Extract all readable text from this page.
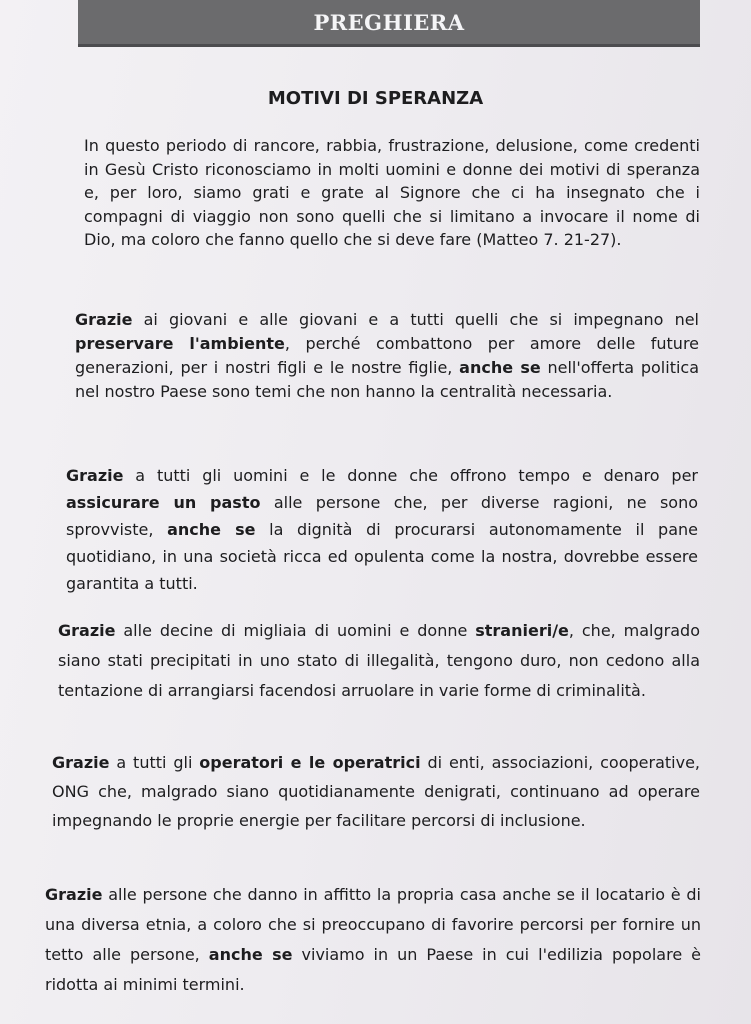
PREGHIERA
MOTIVI DI SPERANZA

In questo periodo di rancore, rabbia, frustrazione, delusione, come credenti in Gesù Cristo riconosciamo in molti uomini e donne dei motivi di speranza e, per loro, siamo grati e grate al Signore che ci ha insegnato che i compagni di viaggio non sono quelli che si limitano a invocare il nome di Dio, ma coloro che fanno quello che si deve fare (Matteo 7. 21-27).

Grazie ai giovani e alle giovani e a tutti quelli che si impegnano nel preservare l'ambiente, perché combattono per amore delle future generazioni, per i nostri figli e le nostre figlie, anche se nell'offerta politica nel nostro Paese sono temi che non hanno la centralità necessaria.

Grazie a tutti gli uomini e le donne che offrono tempo e denaro per assicurare un pasto alle persone che, per diverse ragioni, ne sono sprovviste, anche se la dignità di procurarsi autonomamente il pane quotidiano, in una società ricca ed opulenta come la nostra, dovrebbe essere garantita a tutti.

Grazie alle decine di migliaia di uomini e donne stranieri/e, che, malgrado siano stati precipitati in uno stato di illegalità, tengono duro, non cedono alla tentazione di arrangiarsi facendosi arruolare in varie forme di criminalità.

Grazie a tutti gli operatori e le operatrici di enti, associazioni, cooperative, ONG che, malgrado siano quotidianamente denigrati, continuano ad operare impegnando le proprie energie per facilitare percorsi di inclusione.

Grazie alle persone che danno in affitto la propria casa anche se il locatario è di una diversa etnia, a coloro che si preoccupano di favorire percorsi per fornire un tetto alle persone, anche se viviamo in un Paese in cui l'edilizia popolare è ridotta ai minimi termini.
